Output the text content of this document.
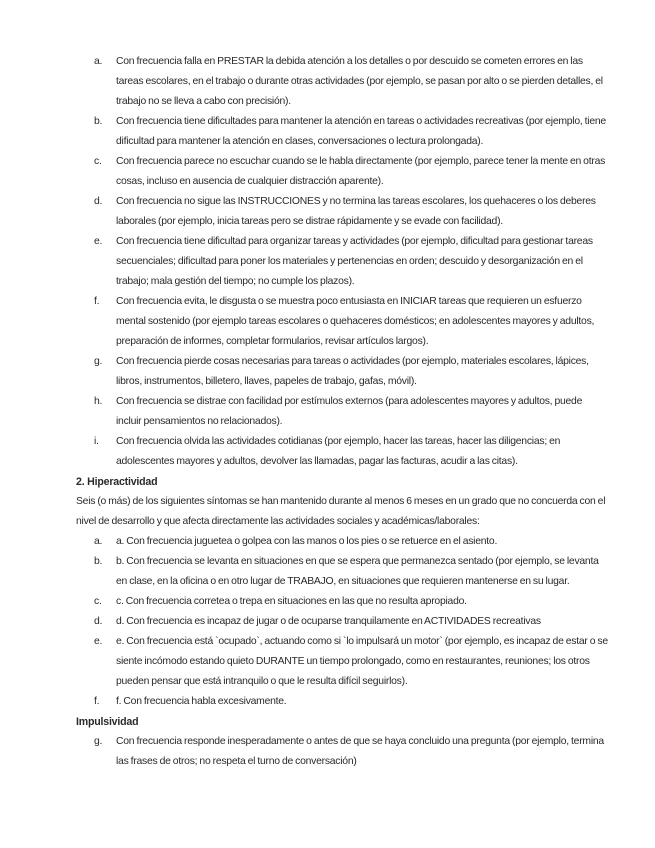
a. Con frecuencia falla en PRESTAR la debida atención a los detalles o por descuido se cometen errores en las tareas escolares, en el trabajo o durante otras actividades (por ejemplo, se pasan por alto o se pierden detalles, el trabajo no se lleva a cabo con precisión).
b. Con frecuencia tiene dificultades para mantener la atención en tareas o actividades recreativas (por ejemplo, tiene dificultad para mantener la atención en clases, conversaciones o lectura prolongada).
c. Con frecuencia parece no escuchar cuando se le habla directamente (por ejemplo, parece tener la mente en otras cosas, incluso en ausencia de cualquier distracción aparente).
d. Con frecuencia no sigue las INSTRUCCIONES y no termina las tareas escolares, los quehaceres o los deberes laborales (por ejemplo, inicia tareas pero se distrae rápidamente y se evade con facilidad).
e. Con frecuencia tiene dificultad para organizar tareas y actividades (por ejemplo, dificultad para gestionar tareas secuenciales; dificultad para poner los materiales y pertenencias en orden; descuido y desorganización en el trabajo; mala gestión del tiempo; no cumple los plazos).
f. Con frecuencia evita, le disgusta o se muestra poco entusiasta en INICIAR tareas que requieren un esfuerzo mental sostenido (por ejemplo tareas escolares o quehaceres domésticos; en adolescentes mayores y adultos, preparación de informes, completar formularios, revisar artículos largos).
g. Con frecuencia pierde cosas necesarias para tareas o actividades (por ejemplo, materiales escolares, lápices, libros, instrumentos, billetero, llaves, papeles de trabajo, gafas, móvil).
h. Con frecuencia se distrae con facilidad por estímulos externos (para adolescentes mayores y adultos, puede incluir pensamientos no relacionados).
i. Con frecuencia olvida las actividades cotidianas (por ejemplo, hacer las tareas, hacer las diligencias; en adolescentes mayores y adultos, devolver las llamadas, pagar las facturas, acudir a las citas).

2. Hiperactividad

Seis (o más) de los siguientes síntomas se han mantenido durante al menos 6 meses en un grado que no concuerda con el nivel de desarrollo y que afecta directamente las actividades sociales y académicas/laborales:

a. a. Con frecuencia juguetea o golpea con las manos o los pies o se retuerce en el asiento.
b. b. Con frecuencia se levanta en situaciones en que se espera que permanezca sentado (por ejemplo, se levanta en clase, en la oficina o en otro lugar de TRABAJO, en situaciones que requieren mantenerse en su lugar.
c. c. Con frecuencia corretea o trepa en situaciones en las que no resulta apropiado.
d. d. Con frecuencia es incapaz de jugar o de ocuparse tranquilamente en ACTIVIDADES recreativas
e. e. Con frecuencia está `ocupado`, actuando como si `lo impulsará un motor` (por ejemplo, es incapaz de estar o se siente incómodo estando quieto DURANTE un tiempo prolongado, como en restaurantes, reuniones; los otros pueden pensar que está intranquilo o que le resulta difícil seguirlos).
f. f. Con frecuencia habla excesivamente.

Impulsividad

g. Con frecuencia responde inesperadamente o antes de que se haya concluido una pregunta (por ejemplo, termina las frases de otros; no respeta el turno de conversación)
